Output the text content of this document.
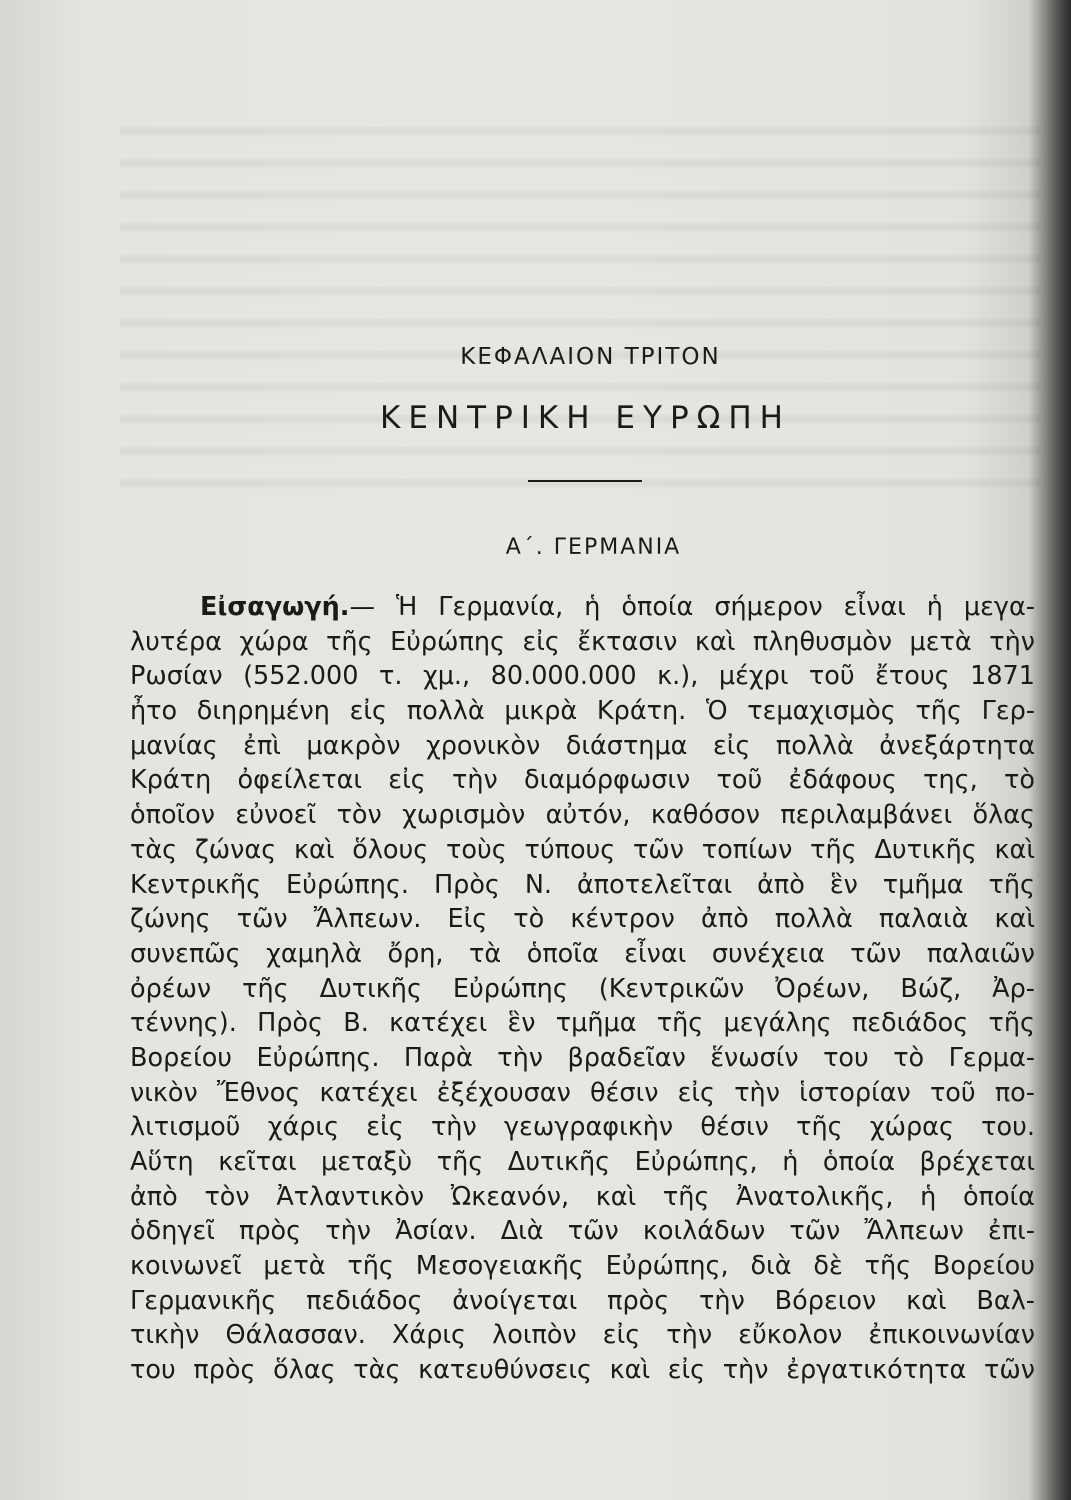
ΚΕΦΑΛΑΙΟΝ ΤΡΙΤΟΝ
ΚΕΝΤΡΙΚΗ ΕΥΡΩΠΗ
Α΄. ΓΕΡΜΑΝΙΑ
Εἰσαγωγή.— Ἡ Γερμανία, ἡ ὁποία σήμερον εἶναι ἡ μεγα-
λυτέρα χώρα τῆς Εὐρώπης εἰς ἔκτασιν καὶ πληθυσμὸν μετὰ τὴν
Ρωσίαν (552.000 τ. χμ., 80.000.000 κ.), μέχρι τοῦ ἔτους 1871
ἦτο διηρημένη εἰς πολλὰ μικρὰ Κράτη. Ὁ τεμαχισμὸς τῆς Γερ-
μανίας ἐπὶ μακρὸν χρονικὸν διάστημα εἰς πολλὰ ἀνεξάρτητα
Κράτη ὀφείλεται εἰς τὴν διαμόρφωσιν τοῦ ἐδάφους της, τὸ
ὁποῖον εὐνοεῖ τὸν χωρισμὸν αὐτόν, καθόσον περιλαμβάνει ὅλας
τὰς ζώνας καὶ ὅλους τοὺς τύπους τῶν τοπίων τῆς Δυτικῆς καὶ
Κεντρικῆς Εὐρώπης. Πρὸς Ν. ἀποτελεῖται ἀπὸ ἓν τμῆμα τῆς
ζώνης τῶν Ἄλπεων. Εἰς τὸ κέντρον ἀπὸ πολλὰ παλαιὰ καὶ
συνεπῶς χαμηλὰ ὄρη, τὰ ὁποῖα εἶναι συνέχεια τῶν παλαιῶν
ὀρέων τῆς Δυτικῆς Εὐρώπης (Κεντρικῶν Ὀρέων, Βώζ, Ἀρ-
τέννης). Πρὸς Β. κατέχει ἓν τμῆμα τῆς μεγάλης πεδιάδος τῆς
Βορείου Εὐρώπης. Παρὰ τὴν βραδεῖαν ἕνωσίν του τὸ Γερμα-
νικὸν Ἔθνος κατέχει ἐξέχουσαν θέσιν εἰς τὴν ἱστορίαν τοῦ πο-
λιτισμοῦ χάρις εἰς τὴν γεωγραφικὴν θέσιν τῆς χώρας του.
Αὕτη κεῖται μεταξὺ τῆς Δυτικῆς Εὐρώπης, ἡ ὁποία βρέχεται
ἀπὸ τὸν Ἀτλαντικὸν Ὠκεανόν, καὶ τῆς Ἀνατολικῆς, ἡ ὁποία
ὁδηγεῖ πρὸς τὴν Ἀσίαν. Διὰ τῶν κοιλάδων τῶν Ἄλπεων ἐπι-
κοινωνεῖ μετὰ τῆς Μεσογειακῆς Εὐρώπης, διὰ δὲ τῆς Βορείου
Γερμανικῆς πεδιάδος ἀνοίγεται πρὸς τὴν Βόρειον καὶ Βαλ-
τικὴν Θάλασσαν. Χάρις λοιπὸν εἰς τὴν εὔκολον ἐπικοινωνίαν
του πρὸς ὅλας τὰς κατευθύνσεις καὶ εἰς τὴν ἐργατικότητα τῶν
